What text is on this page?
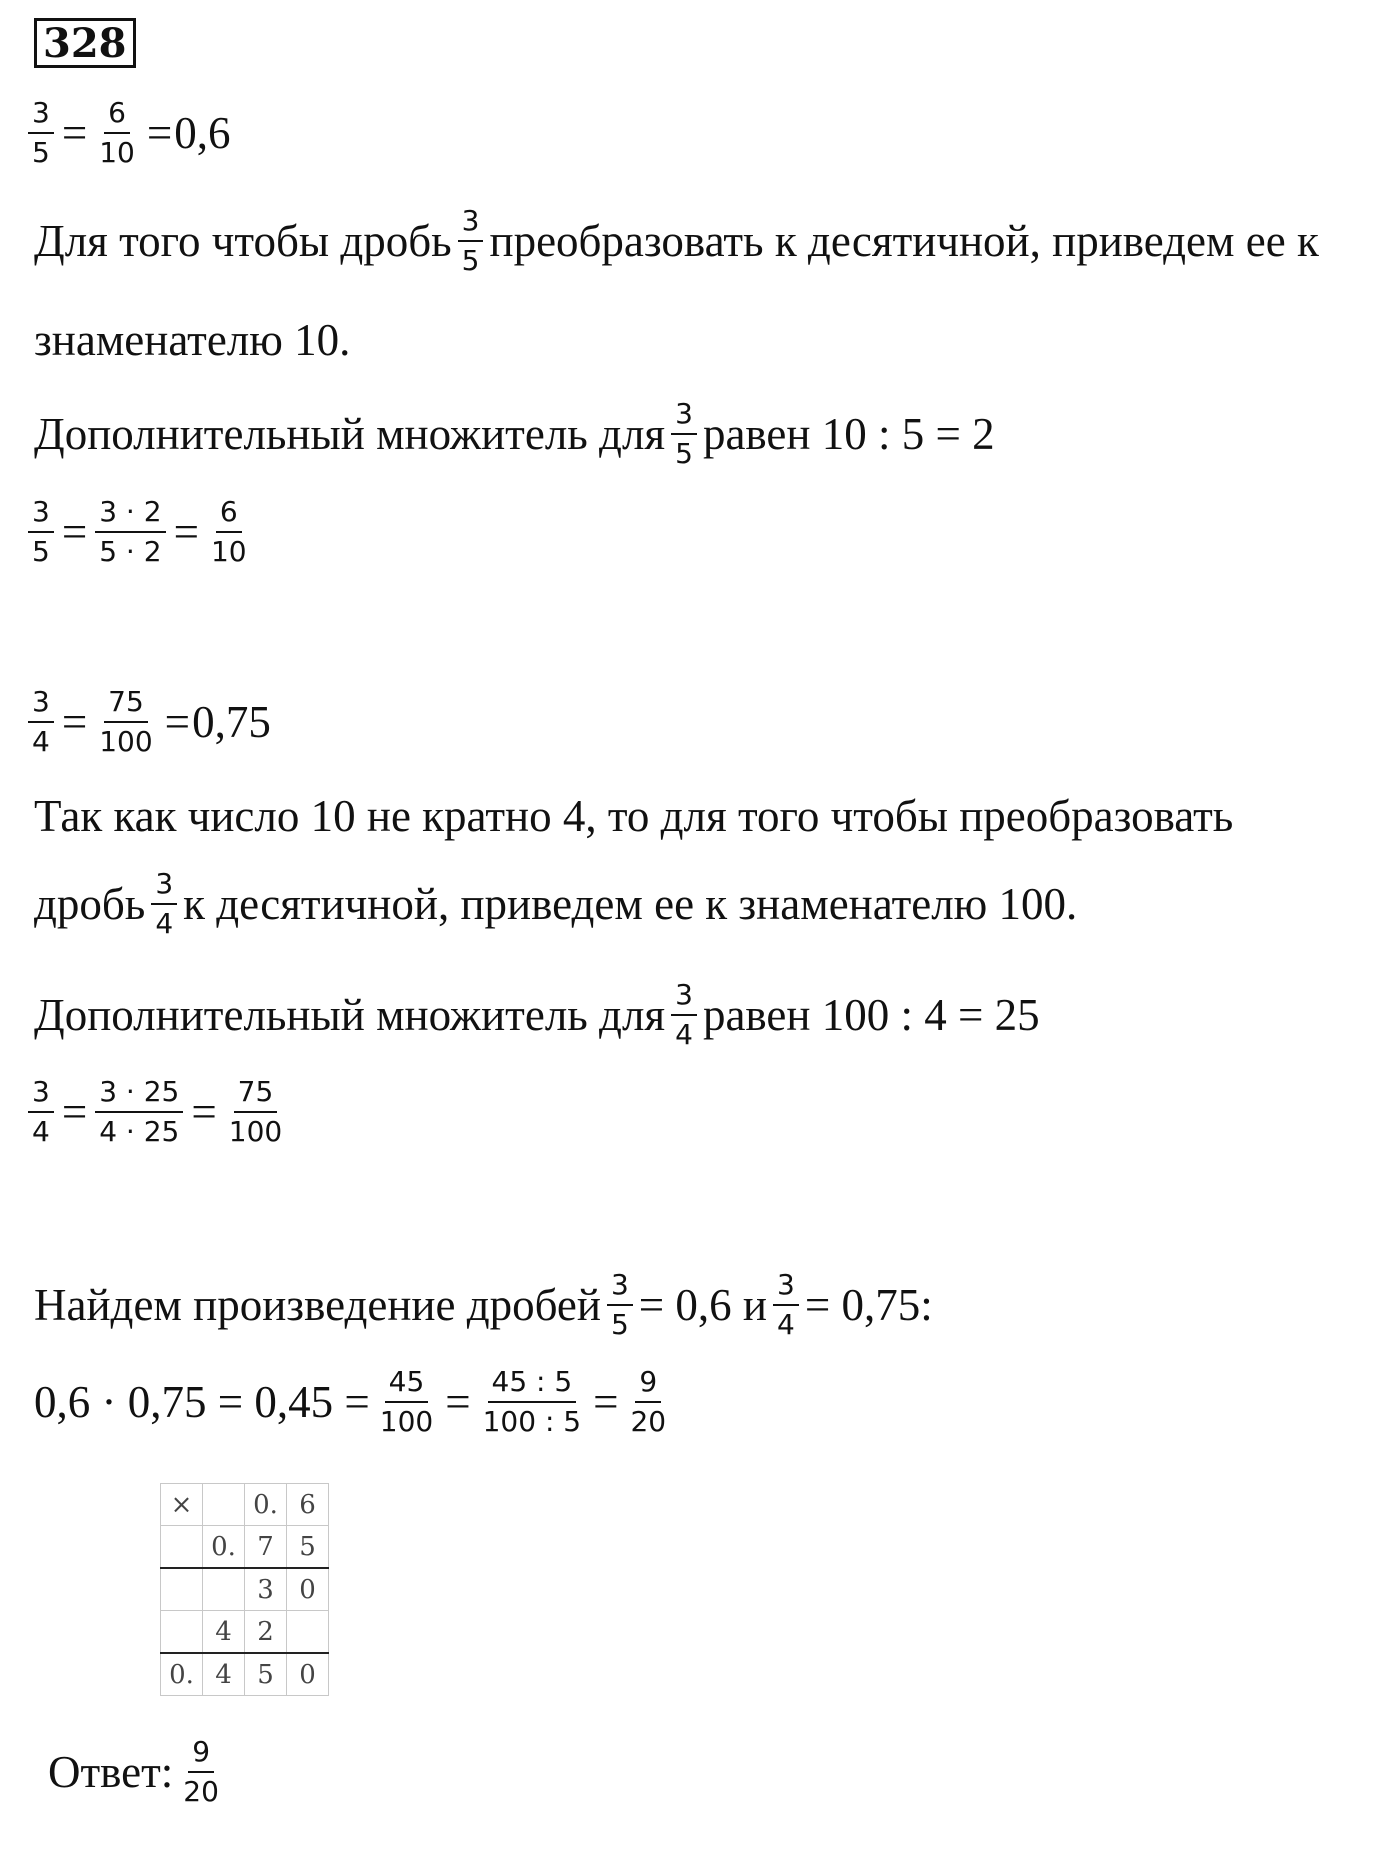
328
$\frac{3}{5} = \frac{6}{10} =0,6$
Для того чтобы дробь $\frac{3}{5}$ преобразовать к десятичной, приведем ее к
знаменателю 10.
Дополнительный множитель для $\frac{3}{5}$ равен 10 : 5 = 2
$\frac{3}{5} = \frac{3 \cdot 2}{5 \cdot 2} = \frac{6}{10}$
$\frac{3}{4} = \frac{75}{100} =0,75$
Так как число 10 не кратно 4, то для того чтобы преобразовать
дробь $\frac{3}{4}$ к десятичной, приведем ее к знаменателю 100.
Дополнительный множитель для $\frac{3}{4}$ равен 100 : 4 = 25
$\frac{3}{4} = \frac{3 \cdot 25}{4 \cdot 25} = \frac{75}{100}$
Найдем произведение дробей $\frac{3}{5} = 0,6$ и $\frac{3}{4} = 0,75$:
$0,6 \cdot 0,75 = 0,45 = \frac{45}{100} = \frac{45 : 5}{100 : 5} = \frac{9}{20}$
×		0.	6
	0.	7	5
		3	0
	4	2	
0.	4	5	0
Ответ: $\frac{9}{20}$
